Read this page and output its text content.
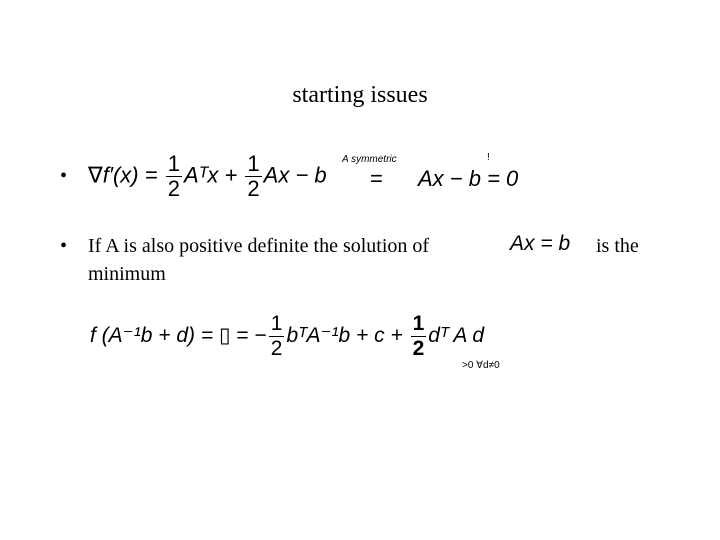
starting issues
• $\nabla f'(x) = \frac{1}{2}$ Aᵀx + $\frac{1}{2}$ Ax − b
A symmetric
=
!
Ax − b = 0
• If A is also positive definite the solution of	Ax = b is the
minimum
f (A⁻¹b + d) = ▯ = − $\frac{1}{2}$ bᵀA⁻¹b + $c + \frac{1}{2}$ dᵀ A d
>0 ∀d≠0
